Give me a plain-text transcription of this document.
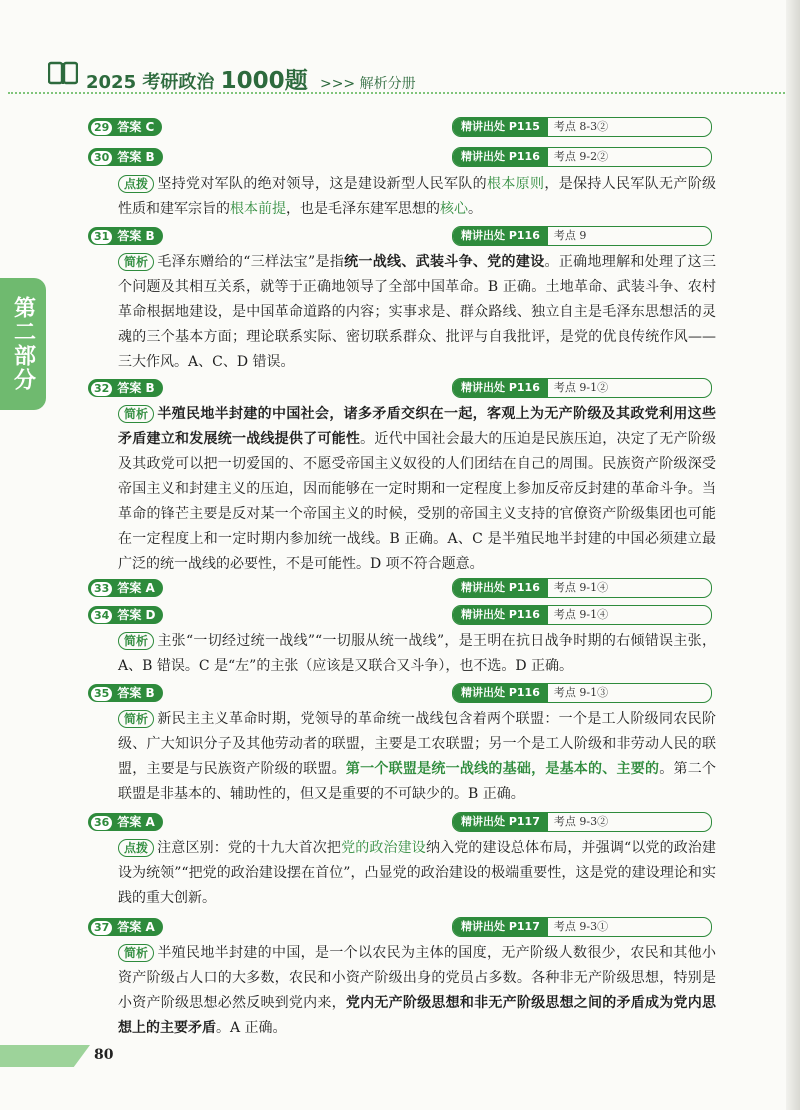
2025 考研政治 1000题 >>> 解析分册
第二部分
29 答案 C	精讲出处 P115 考点 8-3②
30 答案 B	精讲出处 P116 考点 9-2②
点拨 坚持党对军队的绝对领导，这是建设新型人民军队的根本原则，是保持人民军队无产阶级性质和建军宗旨的根本前提，也是毛泽东建军思想的核心。
31 答案 B	精讲出处 P116 考点 9
简析 毛泽东赠给的“三样法宝”是指统一战线、武装斗争、党的建设。正确地理解和处理了这三个问题及其相互关系，就等于正确地领导了全部中国革命。B 正确。土地革命、武装斗争、农村革命根据地建设，是中国革命道路的内容；实事求是、群众路线、独立自主是毛泽东思想活的灵魂的三个基本方面；理论联系实际、密切联系群众、批评与自我批评，是党的优良传统作风——三大作风。A、C、D 错误。
32 答案 B	精讲出处 P116 考点 9-1②
简析 半殖民地半封建的中国社会，诸多矛盾交织在一起，客观上为无产阶级及其政党利用这些矛盾建立和发展统一战线提供了可能性。近代中国社会最大的压迫是民族压迫，决定了无产阶级及其政党可以把一切爱国的、不愿受帝国主义奴役的人们团结在自己的周围。民族资产阶级深受帝国主义和封建主义的压迫，因而能够在一定时期和一定程度上参加反帝反封建的革命斗争。当革命的锋芒主要是反对某一个帝国主义的时候，受别的帝国主义支持的官僚资产阶级集团也可能在一定程度上和一定时期内参加统一战线。B 正确。A、C 是半殖民地半封建的中国必须建立最广泛的统一战线的必要性，不是可能性。D 项不符合题意。
33 答案 A	精讲出处 P116 考点 9-1④
34 答案 D	精讲出处 P116 考点 9-1④
简析 主张“一切经过统一战线”“一切服从统一战线”，是王明在抗日战争时期的右倾错误主张，A、B 错误。C 是“左”的主张（应该是又联合又斗争），也不选。D 正确。
35 答案 B	精讲出处 P116 考点 9-1③
简析 新民主主义革命时期，党领导的革命统一战线包含着两个联盟：一个是工人阶级同农民阶级、广大知识分子及其他劳动者的联盟，主要是工农联盟；另一个是工人阶级和非劳动人民的联盟，主要是与民族资产阶级的联盟。第一个联盟是统一战线的基础，是基本的、主要的。第二个联盟是非基本的、辅助性的，但又是重要的不可缺少的。B 正确。
36 答案 A	精讲出处 P117 考点 9-3②
点拨 注意区别：党的十九大首次把党的政治建设纳入党的建设总体布局，并强调“以党的政治建设为统领”“把党的政治建设摆在首位”，凸显党的政治建设的极端重要性，这是党的建设理论和实践的重大创新。
37 答案 A	精讲出处 P117 考点 9-3①
简析 半殖民地半封建的中国，是一个以农民为主体的国度，无产阶级人数很少，农民和其他小资产阶级占人口的大多数，农民和小资产阶级出身的党员占多数。各种非无产阶级思想，特别是小资产阶级思想必然反映到党内来，党内无产阶级思想和非无产阶级思想之间的矛盾成为党内思想上的主要矛盾。A 正确。
80
